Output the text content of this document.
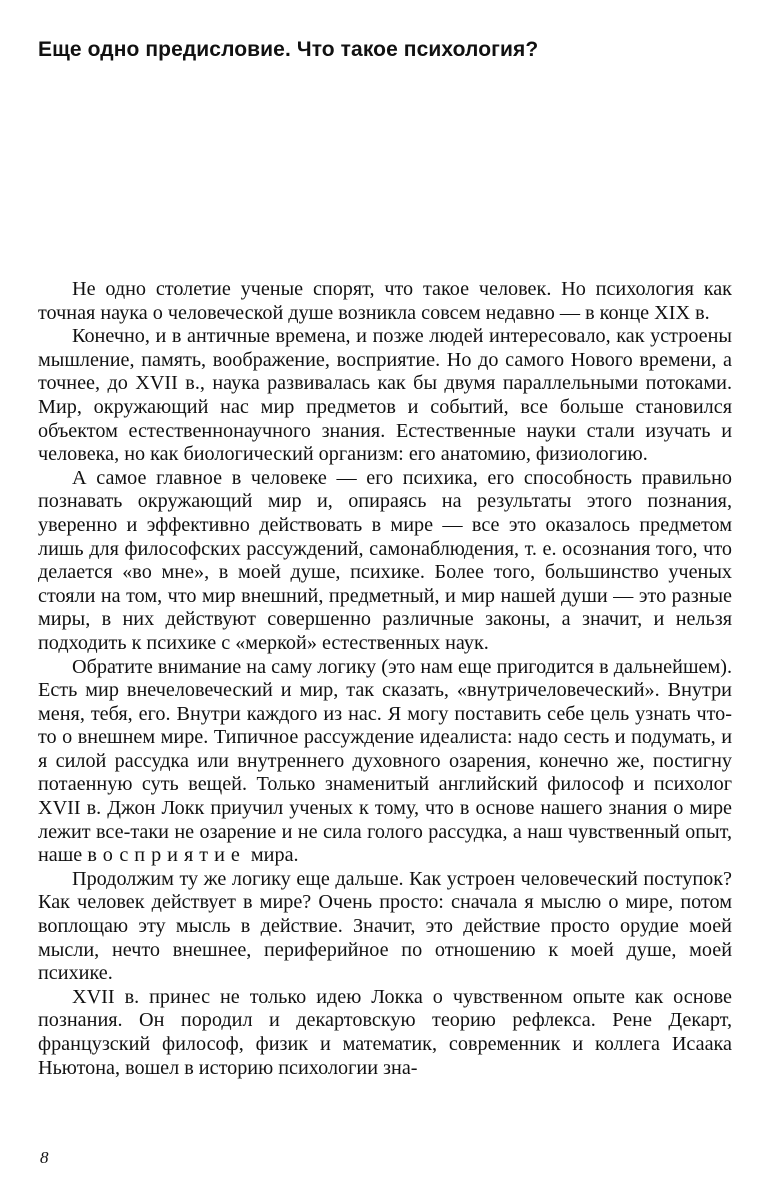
Еще одно предисловие. Что такое психология?

Не одно столетие ученые спорят, что такое человек. Но психология как точная наука о человеческой душе возникла совсем недавно — в конце XIX в.

Конечно, и в античные времена, и позже людей интересовало, как устроены мышление, память, воображение, восприятие. Но до самого Нового времени, а точнее, до XVII в., наука развивалась как бы двумя параллельными потоками. Мир, окружающий нас мир предметов и событий, все больше становился объектом естественнонаучного знания. Естественные науки стали изучать и человека, но как биологический организм: его анатомию, физиологию.

А самое главное в человеке — его психика, его способность правильно познавать окружающий мир и, опираясь на результаты этого познания, уверенно и эффективно действовать в мире — все это оказалось предметом лишь для философских рассуждений, самонаблюдения, т. е. осознания того, что делается «во мне», в моей душе, психике. Более того, большинство ученых стояли на том, что мир внешний, предметный, и мир нашей души — это разные миры, в них действуют совершенно различные законы, а значит, и нельзя подходить к психике с «меркой» естественных наук.

Обратите внимание на саму логику (это нам еще пригодится в дальнейшем). Есть мир внечеловеческий и мир, так сказать, «внутричеловеческий». Внутри меня, тебя, его. Внутри каждого из нас. Я могу поставить себе цель узнать что-то о внешнем мире. Типичное рассуждение идеалиста: надо сесть и подумать, и я силой рассудка или внутреннего духовного озарения, конечно же, постигну потаенную суть вещей. Только знаменитый английский философ и психолог XVII в. Джон Локк приучил ученых к тому, что в основе нашего знания о мире лежит все-таки не озарение и не сила голого рассудка, а наш чувственный опыт, наше восприятие мира.

Продолжим ту же логику еще дальше. Как устроен человеческий поступок? Как человек действует в мире? Очень просто: сначала я мыслю о мире, потом воплощаю эту мысль в действие. Значит, это действие просто орудие моей мысли, нечто внешнее, периферийное по отношению к моей душе, моей психике.

XVII в. принес не только идею Локка о чувственном опыте как основе познания. Он породил и декартовскую теорию рефлекса. Рене Декарт, французский философ, физик и математик, современник и коллега Исаака Ньютона, вошел в историю психологии зна-

8
